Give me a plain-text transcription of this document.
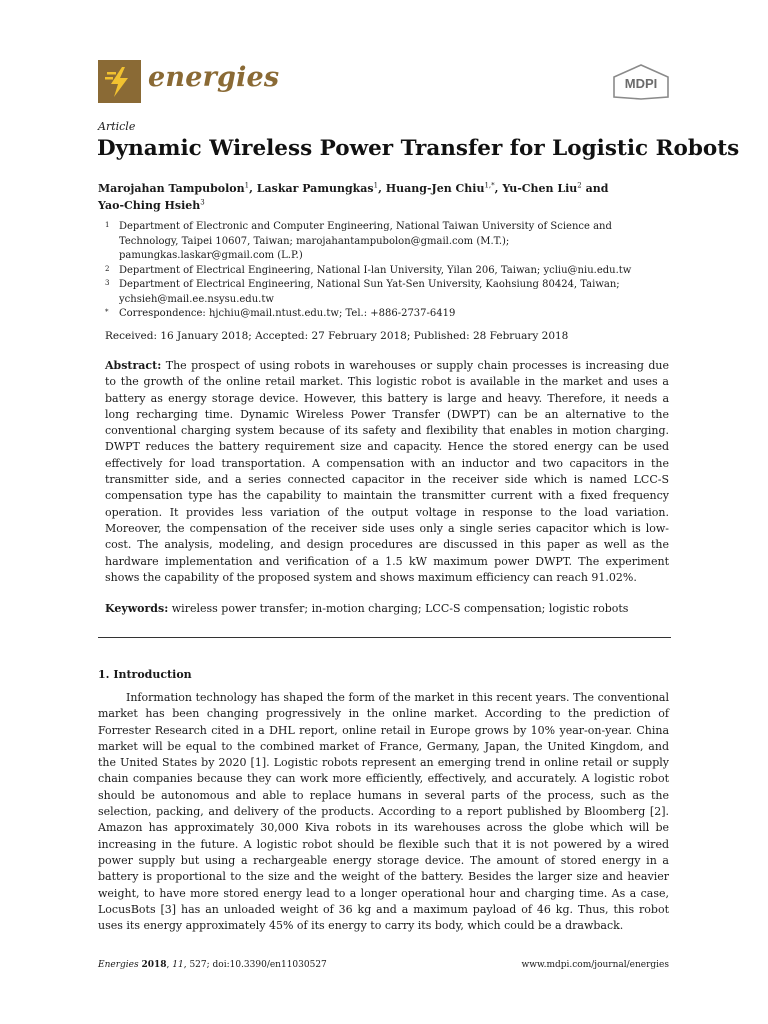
energies	MDPI
Article
Dynamic Wireless Power Transfer for Logistic Robots
Marojahan Tampubolon$^1$, Laskar Pamungkas$^1$, Huang-Jen Chiu$^{1,*}$, Yu-Chen Liu$^2$ and
Yao-Ching Hsieh$^3$
1 Department of Electronic and Computer Engineering, National Taiwan University of Science and Technology, Taipei 10607, Taiwan; marojahantampubolon@gmail.com (M.T.); pamungkas.laskar@gmail.com (L.P.)
2 Department of Electrical Engineering, National I-lan University, Yilan 206, Taiwan; ycliu@niu.edu.tw
3 Department of Electrical Engineering, National Sun Yat-Sen University, Kaohsiung 80424, Taiwan; ychsieh@mail.ee.nsysu.edu.tw
* Correspondence: hjchiu@mail.ntust.edu.tw; Tel.: +886-2737-6419
Received: 16 January 2018; Accepted: 27 February 2018; Published: 28 February 2018
Abstract: The prospect of using robots in warehouses or supply chain processes is increasing due to the growth of the online retail market. This logistic robot is available in the market and uses a battery as energy storage device. However, this battery is large and heavy. Therefore, it needs a long recharging time. Dynamic Wireless Power Transfer (DWPT) can be an alternative to the conventional charging system because of its safety and flexibility that enables in motion charging. DWPT reduces the battery requirement size and capacity. Hence the stored energy can be used effectively for load transportation. A compensation with an inductor and two capacitors in the transmitter side, and a series connected capacitor in the receiver side which is named LCC-S compensation type has the capability to maintain the transmitter current with a fixed frequency operation. It provides less variation of the output voltage in response to the load variation. Moreover, the compensation of the receiver side uses only a single series capacitor which is low-cost. The analysis, modeling, and design procedures are discussed in this paper as well as the hardware implementation and verification of a 1.5 kW maximum power DWPT. The experiment shows the capability of the proposed system and shows maximum efficiency can reach 91.02%.
Keywords: wireless power transfer; in-motion charging; LCC-S compensation; logistic robots
1. Introduction
Information technology has shaped the form of the market in this recent years. The conventional market has been changing progressively in the online market. According to the prediction of Forrester Research cited in a DHL report, online retail in Europe grows by 10% year-on-year. China market will be equal to the combined market of France, Germany, Japan, the United Kingdom, and the United States by 2020 [1]. Logistic robots represent an emerging trend in online retail or supply chain companies because they can work more efficiently, effectively, and accurately. A logistic robot should be autonomous and able to replace humans in several parts of the process, such as the selection, packing, and delivery of the products. According to a report published by Bloomberg [2]. Amazon has approximately 30,000 Kiva robots in its warehouses across the globe which will be increasing in the future. A logistic robot should be flexible such that it is not powered by a wired power supply but using a rechargeable energy storage device. The amount of stored energy in a battery is proportional to the size and the weight of the battery. Besides the larger size and heavier weight, to have more stored energy lead to a longer operational hour and charging time. As a case, LocusBots [3] has an unloaded weight of 36 kg and a maximum payload of 46 kg. Thus, this robot uses its energy approximately 45% of its energy to carry its body, which could be a drawback.
Energies 2018, 11, 527; doi:10.3390/en11030527	www.mdpi.com/journal/energies
